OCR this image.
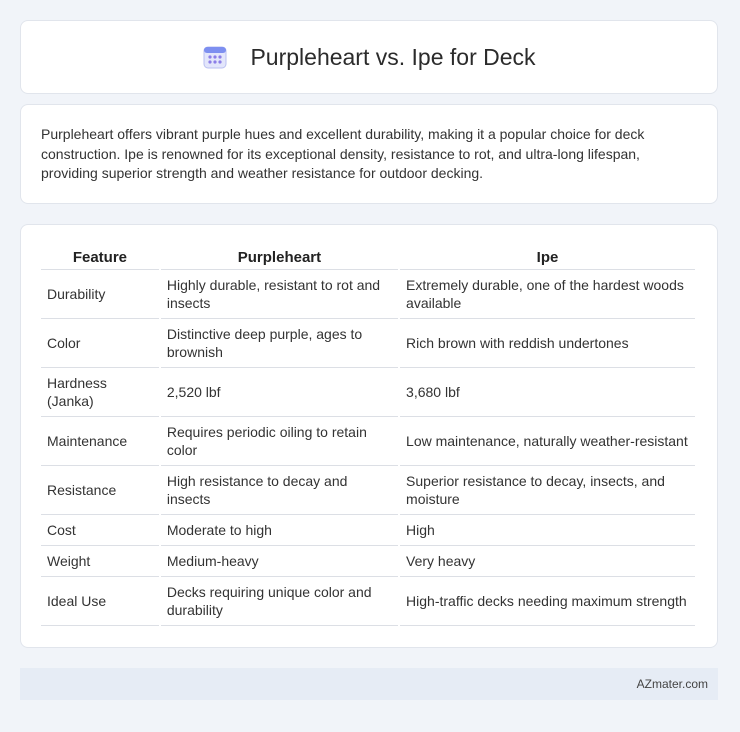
Purpleheart vs. Ipe for Deck

Purpleheart offers vibrant purple hues and excellent durability, making it a popular choice for deck construction. Ipe is renowned for its exceptional density, resistance to rot, and ultra-long lifespan, providing superior strength and weather resistance for outdoor decking.

Feature	Purpleheart	Ipe
Durability	Highly durable, resistant to rot and insects	Extremely durable, one of the hardest woods available
Color	Distinctive deep purple, ages to brownish	Rich brown with reddish undertones
Hardness (Janka)	2,520 lbf	3,680 lbf
Maintenance	Requires periodic oiling to retain color	Low maintenance, naturally weather-resistant
Resistance	High resistance to decay and insects	Superior resistance to decay, insects, and moisture
Cost	Moderate to high	High
Weight	Medium-heavy	Very heavy
Ideal Use	Decks requiring unique color and durability	High-traffic decks needing maximum strength
AZmater.com
